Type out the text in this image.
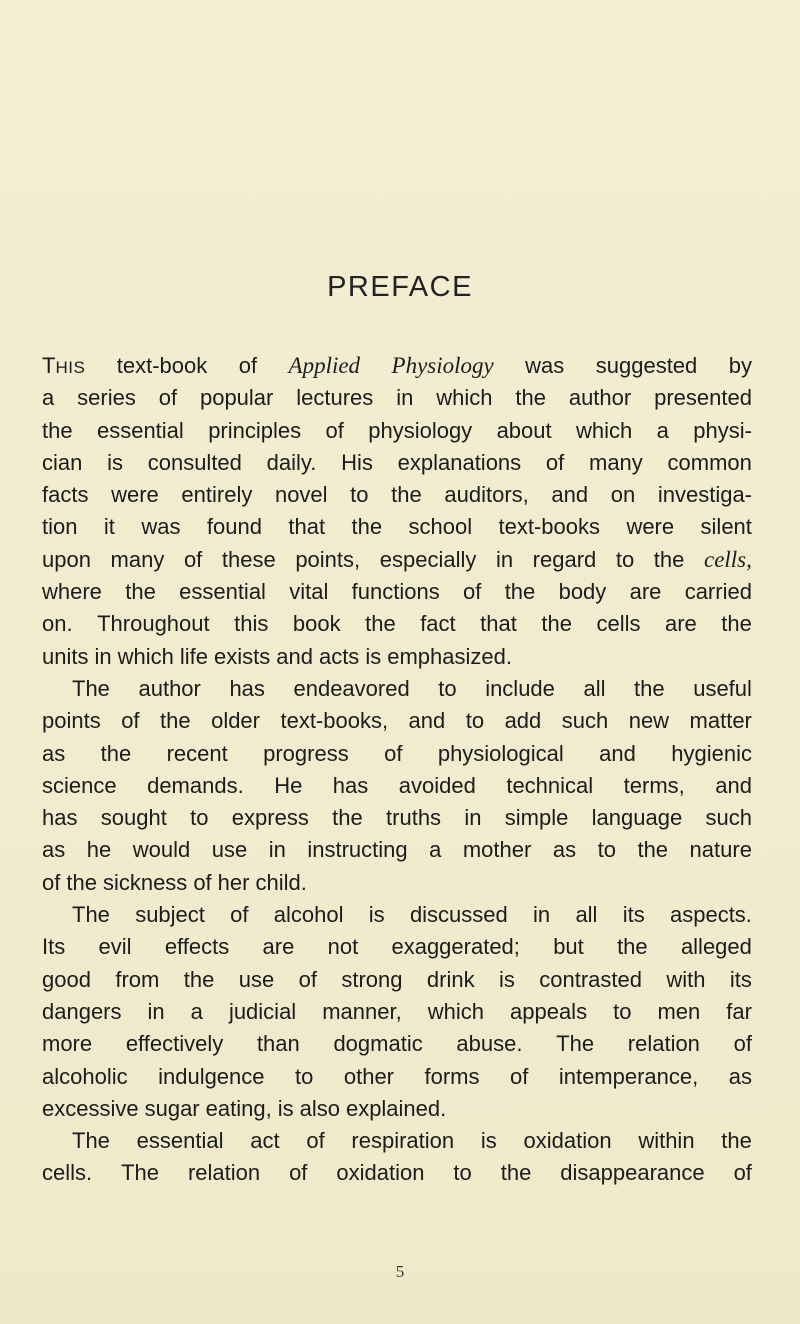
PREFACE
THIS text-book of Applied Physiology was suggested by
a series of popular lectures in which the author presented
the essential principles of physiology about which a physi-
cian is consulted daily. His explanations of many common
facts were entirely novel to the auditors, and on investiga-
tion it was found that the school text-books were silent
upon many of these points, especially in regard to the cells,
where the essential vital functions of the body are carried
on. Throughout this book the fact that the cells are the
units in which life exists and acts is emphasized.
The author has endeavored to include all the useful
points of the older text-books, and to add such new matter
as the recent progress of physiological and hygienic
science demands. He has avoided technical terms, and
has sought to express the truths in simple language such
as he would use in instructing a mother as to the nature
of the sickness of her child.
The subject of alcohol is discussed in all its aspects.
Its evil effects are not exaggerated; but the alleged
good from the use of strong drink is contrasted with its
dangers in a judicial manner, which appeals to men far
more effectively than dogmatic abuse. The relation of
alcoholic indulgence to other forms of intemperance, as
excessive sugar eating, is also explained.
The essential act of respiration is oxidation within the
cells. The relation of oxidation to the disappearance of
5
